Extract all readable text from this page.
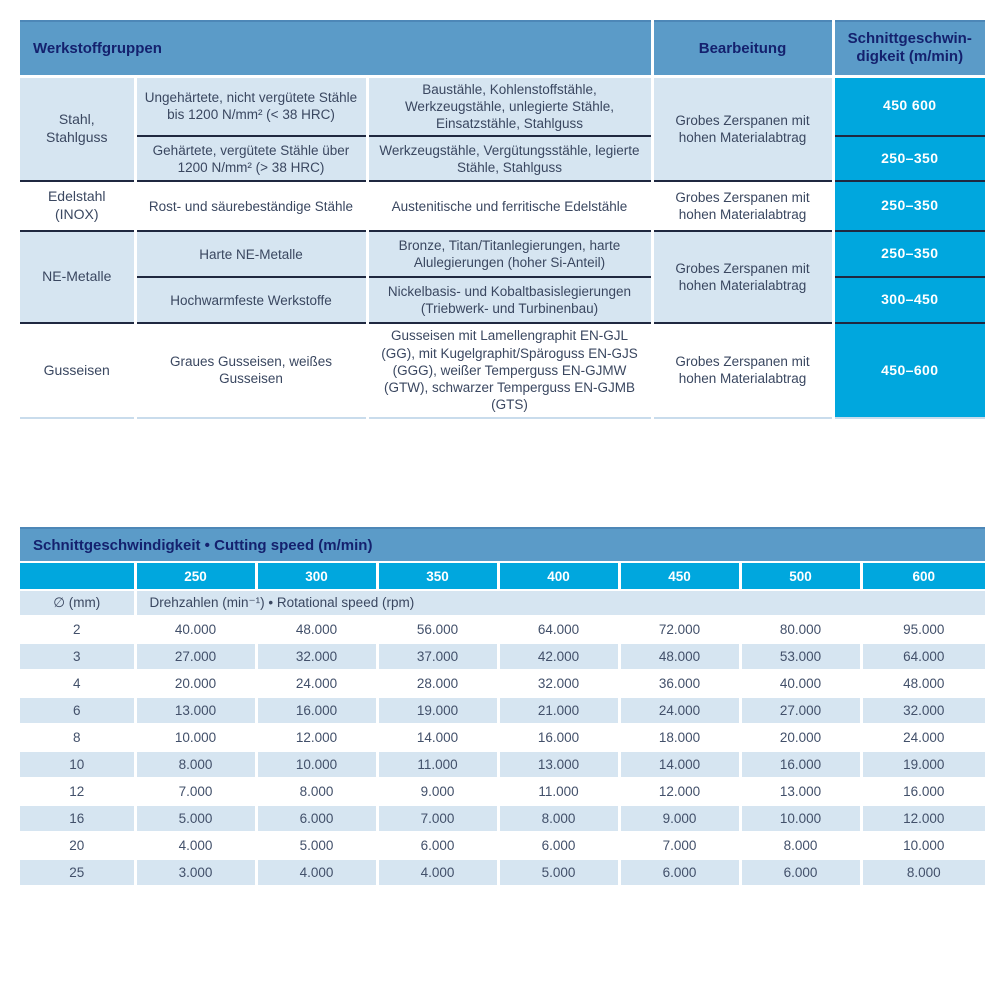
Werkstoffgruppen			Bearbeitung	Schnittgeschwin-
digkeit (m/min)

Stahl, Stahlguss	Ungehärtete, nicht vergütete Stähle bis 1200 N/mm² (< 38 HRC)	Baustähle, Kohlenstoffstähle, Werkzeugstähle, unlegierte Stähle, Einsatzstähle, Stahlguss	Grobes Zerspanen mit hohen Materialabtrag	450 600
	Gehärtete, vergütete Stähle über 1200 N/mm² (> 38 HRC)	Werkzeugstähle, Vergütungsstähle, legierte Stähle, Stahlguss		250–350
Edelstahl (INOX)	Rost- und säurebeständige Stähle	Austenitische und ferritische Edelstähle	Grobes Zerspanen mit hohen Materialabtrag	250–350
NE-Metalle	Harte NE-Metalle	Bronze, Titan/Titanlegierungen, harte Alulegierungen (hoher Si-Anteil)	Grobes Zerspanen mit hohen Materialabtrag	250–350
	Hochwarmfeste Werkstoffe	Nickelbasis- und Kobaltbasislegierungen (Triebwerk- und Turbinenbau)		300–450
Gusseisen	Graues Gusseisen, weißes Gusseisen	Gusseisen mit Lamellengraphit EN-GJL (GG), mit Kugelgraphit/Späroguss EN-GJS (GGG), weißer Temperguss EN-GJMW (GTW), schwarzer Temperguss EN-GJMB (GTS)	Grobes Zerspanen mit hohen Materialabtrag	450–600
Schnittgeschwindigkeit • Cutting speed (m/min)							
	250	300	350	400	450	500	600
∅ (mm)	Drehzahlen (min⁻¹) • Rotational speed (rpm)						
2	40.000	48.000	56.000	64.000	72.000	80.000	95.000
3	27.000	32.000	37.000	42.000	48.000	53.000	64.000
4	20.000	24.000	28.000	32.000	36.000	40.000	48.000
6	13.000	16.000	19.000	21.000	24.000	27.000	32.000
8	10.000	12.000	14.000	16.000	18.000	20.000	24.000
10	8.000	10.000	11.000	13.000	14.000	16.000	19.000
12	7.000	8.000	9.000	11.000	12.000	13.000	16.000
16	5.000	6.000	7.000	8.000	9.000	10.000	12.000
20	4.000	5.000	6.000	6.000	7.000	8.000	10.000
25	3.000	4.000	4.000	5.000	6.000	6.000	8.000
